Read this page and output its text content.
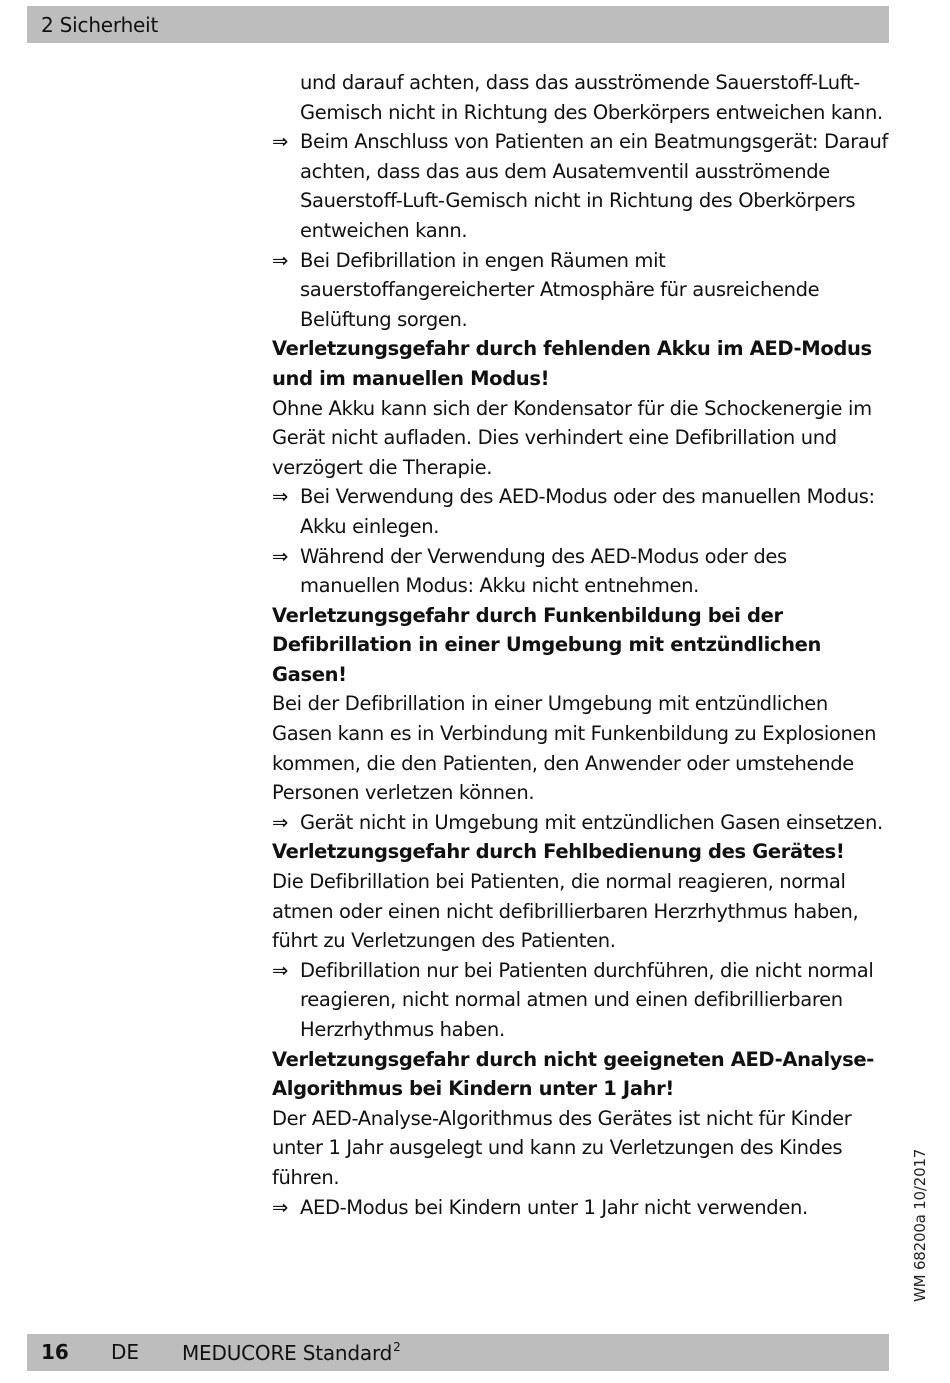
2 Sicherheit

und darauf achten, dass das ausströmende Sauerstoff-Luft-Gemisch nicht in Richtung des Oberkörpers entweichen kann.

⇒ Beim Anschluss von Patienten an ein Beatmungsgerät: Darauf achten, dass das aus dem Ausatemventil ausströmende Sauerstoff-Luft-Gemisch nicht in Richtung des Oberkörpers entweichen kann.

⇒ Bei Defibrillation in engen Räumen mit sauerstoffangereicherter Atmosphäre für ausreichende Belüftung sorgen.

Verletzungsgefahr durch fehlenden Akku im AED-Modus und im manuellen Modus!

Ohne Akku kann sich der Kondensator für die Schockenergie im Gerät nicht aufladen. Dies verhindert eine Defibrillation und verzögert die Therapie.

⇒ Bei Verwendung des AED-Modus oder des manuellen Modus: Akku einlegen.

⇒ Während der Verwendung des AED-Modus oder des manuellen Modus: Akku nicht entnehmen.

Verletzungsgefahr durch Funkenbildung bei der Defibrillation in einer Umgebung mit entzündlichen Gasen!

Bei der Defibrillation in einer Umgebung mit entzündlichen Gasen kann es in Verbindung mit Funkenbildung zu Explosionen kommen, die den Patienten, den Anwender oder umstehende Personen verletzen können.

⇒ Gerät nicht in Umgebung mit entzündlichen Gasen einsetzen.

Verletzungsgefahr durch Fehlbedienung des Gerätes!

Die Defibrillation bei Patienten, die normal reagieren, normal atmen oder einen nicht defibrillierbaren Herzrhythmus haben, führt zu Verletzungen des Patienten.

⇒ Defibrillation nur bei Patienten durchführen, die nicht normal reagieren, nicht normal atmen und einen defibrillierbaren Herzrhythmus haben.

Verletzungsgefahr durch nicht geeigneten AED-Analyse-Algorithmus bei Kindern unter 1 Jahr!

Der AED-Analyse-Algorithmus des Gerätes ist nicht für Kinder unter 1 Jahr ausgelegt und kann zu Verletzungen des Kindes führen.

⇒ AED-Modus bei Kindern unter 1 Jahr nicht verwenden.	WM 68200a 10/2017
16 DE MEDUCORE Standard$^2$
